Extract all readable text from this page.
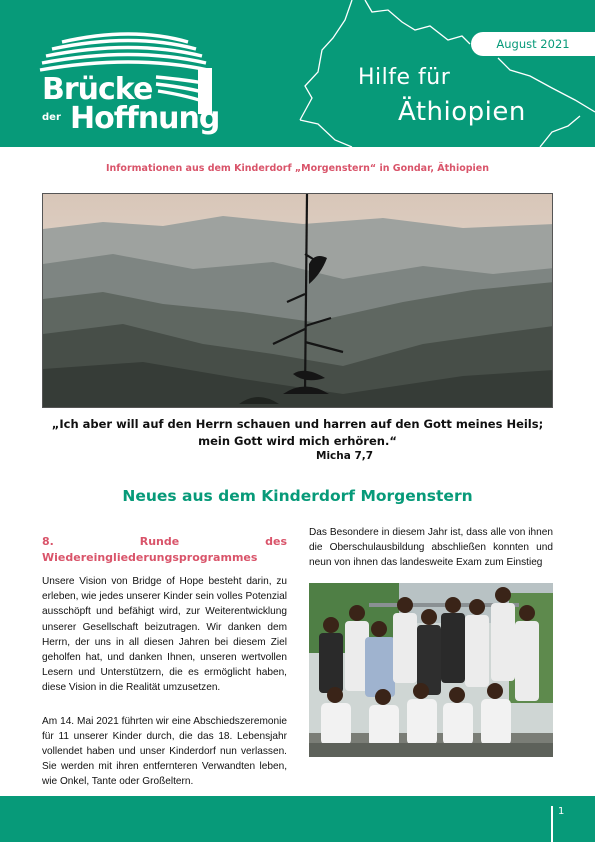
August 2021
Brücke
der Hoffnung
Hilfe für
Äthiopien
Informationen aus dem Kinderdorf „Morgenstern“ in Gondar, Äthiopien
„Ich aber will auf den Herrn schauen und harren auf den Gott meines Heils;
mein Gott wird mich erhören.“
Micha 7,7
Neues aus dem Kinderdorf Morgenstern
8. Runde des Wiedereingliederungsprogrammes

Unsere Vision von Bridge of Hope besteht darin, zu erleben, wie jedes unserer Kinder sein volles Potenzial ausschöpft und befähigt wird, zur Weiterentwicklung unserer Gesellschaft beizutragen. Wir danken dem Herrn, der uns in all diesen Jahren bei diesem Ziel geholfen hat, und danken Ihnen, unseren wertvollen Lesern und Unterstützern, die es ermöglicht haben, diese Vision in die Realität umzusetzen.

Am 14. Mai 2021 führten wir eine Abschiedszeremonie für 11 unserer Kinder durch, die das 18. Lebensjahr vollendet haben und unser Kinderdorf nun verlassen. Sie werden mit ihren entfernteren Verwandten leben, wie Onkel, Tante oder Großeltern.

Das Besondere in diesem Jahr ist, dass alle von ihnen die Oberschulausbildung abschließen konnten und neun von ihnen das landesweite Exam zum Einstieg

1
